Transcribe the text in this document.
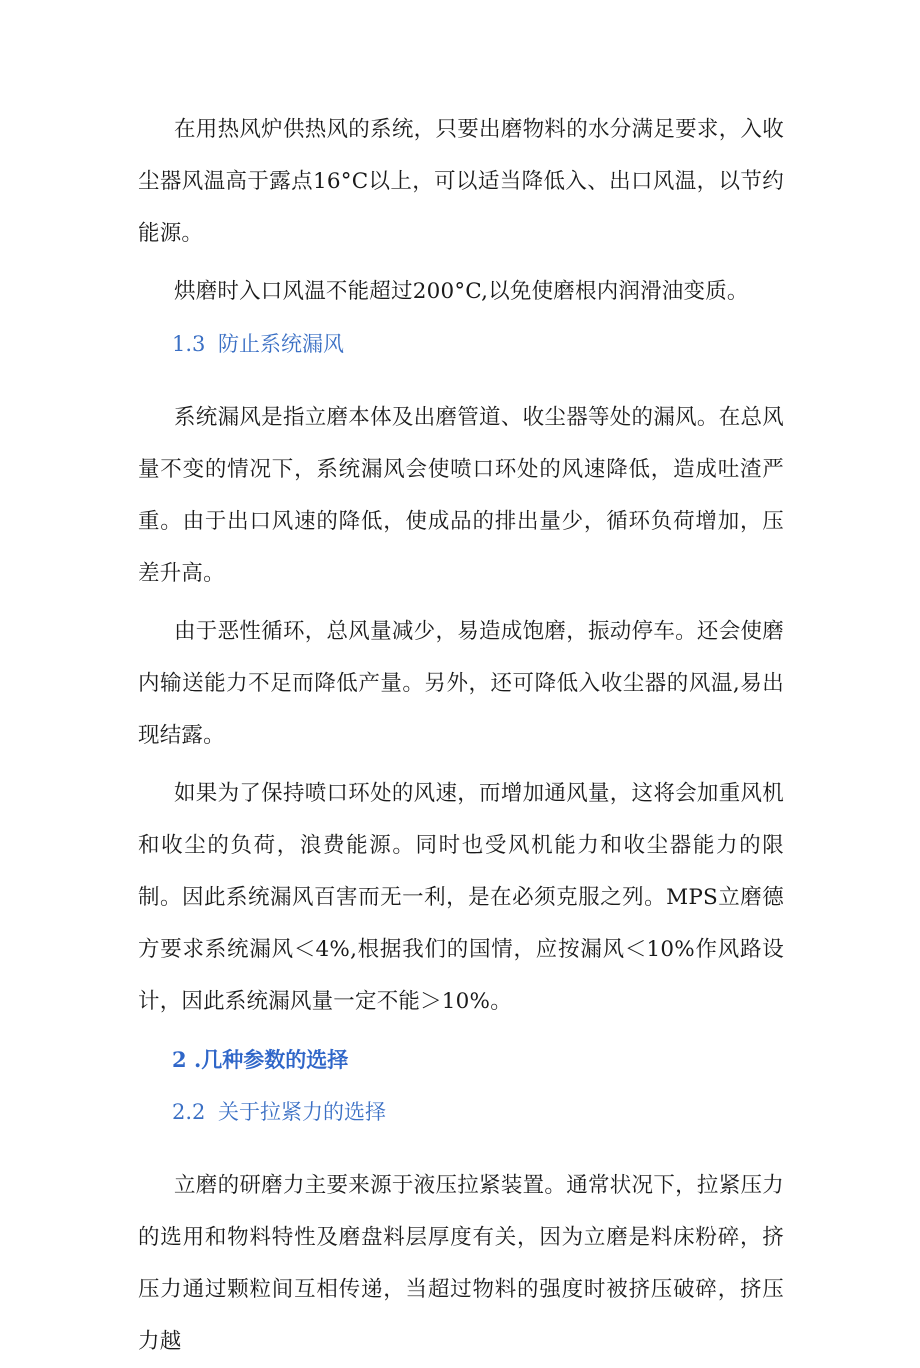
在用热风炉供热风的系统，只要出磨物料的水分满足要求，入收尘器风温高于露点16°C以上，可以适当降低入、出口风温，以节约能源。

烘磨时入口风温不能超过200°C,以免使磨根内润滑油变质。

1.3 防止系统漏风

系统漏风是指立磨本体及出磨管道、收尘器等处的漏风。在总风量不变的情况下，系统漏风会使喷口环处的风速降低，造成吐渣严重。由于出口风速的降低，使成品的排出量少，循环负荷增加，压差升高。

由于恶性循环，总风量减少，易造成饱磨，振动停车。还会使磨内输送能力不足而降低产量。另外，还可降低入收尘器的风温,易出现结露。

如果为了保持喷口环处的风速，而增加通风量，这将会加重风机和收尘的负荷，浪费能源。同时也受风机能力和收尘器能力的限制。因此系统漏风百害而无一利，是在必须克服之列。MPS立磨德方要求系统漏风＜4%,根据我们的国情，应按漏风＜10%作风路设计，因此系统漏风量一定不能＞10%。

2 .几种参数的选择
2.2 关于拉紧力的选择

立磨的研磨力主要来源于液压拉紧装置。通常状况下，拉紧压力的选用和物料特性及磨盘料层厚度有关，因为立磨是料床粉碎，挤压力通过颗粒间互相传递，当超过物料的强度时被挤压破碎，挤压力越
